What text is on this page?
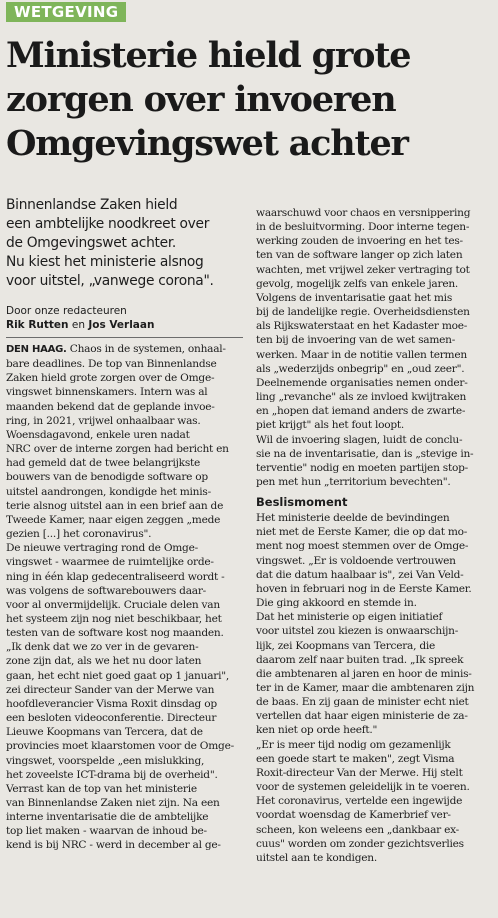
WETGEVING
Ministerie hield grote
zorgen over invoeren
Omgevingswet achter
Binnenlandse Zaken hield
een ambtelijke noodkreet over
de Omgevingswet achter.
Nu kiest het ministerie alsnog
voor uitstel, „vanwege corona".
Door onze redacteuren
Rik Rutten en Jos Verlaan
DEN HAAG. Chaos in de systemen, onhaal-
bare deadlines. De top van Binnenlandse
Zaken hield grote zorgen over de Omge-
vingswet binnenskamers. Intern was al
maanden bekend dat de geplande invoe-
ring, in 2021, vrijwel onhaalbaar was.
Woensdagavond, enkele uren nadat
NRC over de interne zorgen had bericht en
had gemeld dat de twee belangrijkste
bouwers van de benodigde software op
uitstel aandrongen, kondigde het minis-
terie alsnog uitstel aan in een brief aan de
Tweede Kamer, naar eigen zeggen „mede
gezien [...] het coronavirus".
De nieuwe vertraging rond de Omge-
vingswet - waarmee de ruimtelijke orde-
ning in één klap gedecentraliseerd wordt -
was volgens de softwarebouwers daar-
voor al onvermijdelijk. Cruciale delen van
het systeem zijn nog niet beschikbaar, het
testen van de software kost nog maanden.
„Ik denk dat we zo ver in de gevaren-
zone zijn dat, als we het nu door laten
gaan, het echt niet goed gaat op 1 januari",
zei directeur Sander van der Merwe van
hoofdleverancier Visma Roxit dinsdag op
een besloten videoconferentie. Directeur
Lieuwe Koopmans van Tercera, dat de
provincies moet klaarstomen voor de Omge-
vingswet, voorspelde „een mislukking,
het zoveelste ICT-drama bij de overheid".
Verrast kan de top van het ministerie
van Binnenlandse Zaken niet zijn. Na een
interne inventarisatie die de ambtelijke
top liet maken - waarvan de inhoud be-
kend is bij NRC - werd in december al ge-
waarschuwd voor chaos en versnippering
in de besluitvorming. Door interne tegen-
werking zouden de invoering en het tes-
ten van de software langer op zich laten
wachten, met vrijwel zeker vertraging tot
gevolg, mogelijk zelfs van enkele jaren.
Volgens de inventarisatie gaat het mis
bij de landelijke regie. Overheidsdiensten
als Rijkswaterstaat en het Kadaster moe-
ten bij de invoering van de wet samen-
werken. Maar in de notitie vallen termen
als „wederzijds onbegrip" en „oud zeer".
Deelnemende organisaties nemen onder-
ling „revanche" als ze invloed kwijtraken
en „hopen dat iemand anders de zwarte-
piet krijgt" als het fout loopt.
Wil de invoering slagen, luidt de conclu-
sie na de inventarisatie, dan is „stevige in-
terventie" nodig en moeten partijen stop-
pen met hun „territorium bevechten".
Beslismoment
Het ministerie deelde de bevindingen
niet met de Eerste Kamer, die op dat mo-
ment nog moest stemmen over de Omge-
vingswet. „Er is voldoende vertrouwen
dat die datum haalbaar is", zei Van Veld-
hoven in februari nog in de Eerste Kamer.
Die ging akkoord en stemde in.
Dat het ministerie op eigen initiatief
voor uitstel zou kiezen is onwaarschijn-
lijk, zei Koopmans van Tercera, die
daarom zelf naar buiten trad. „Ik spreek
die ambtenaren al jaren en hoor de minis-
ter in de Kamer, maar die ambtenaren zijn
de baas. En zij gaan de minister echt niet
vertellen dat haar eigen ministerie de za-
ken niet op orde heeft."
„Er is meer tijd nodig om gezamenlijk
een goede start te maken", zegt Visma
Roxit-directeur Van der Merwe. Hij stelt
voor de systemen geleidelijk in te voeren.
Het coronavirus, vertelde een ingewijde
voordat woensdag de Kamerbrief ver-
scheen, kon weleens een „dankbaar ex-
cuus" worden om zonder gezichtsverlies
uitstel aan te kondigen.
